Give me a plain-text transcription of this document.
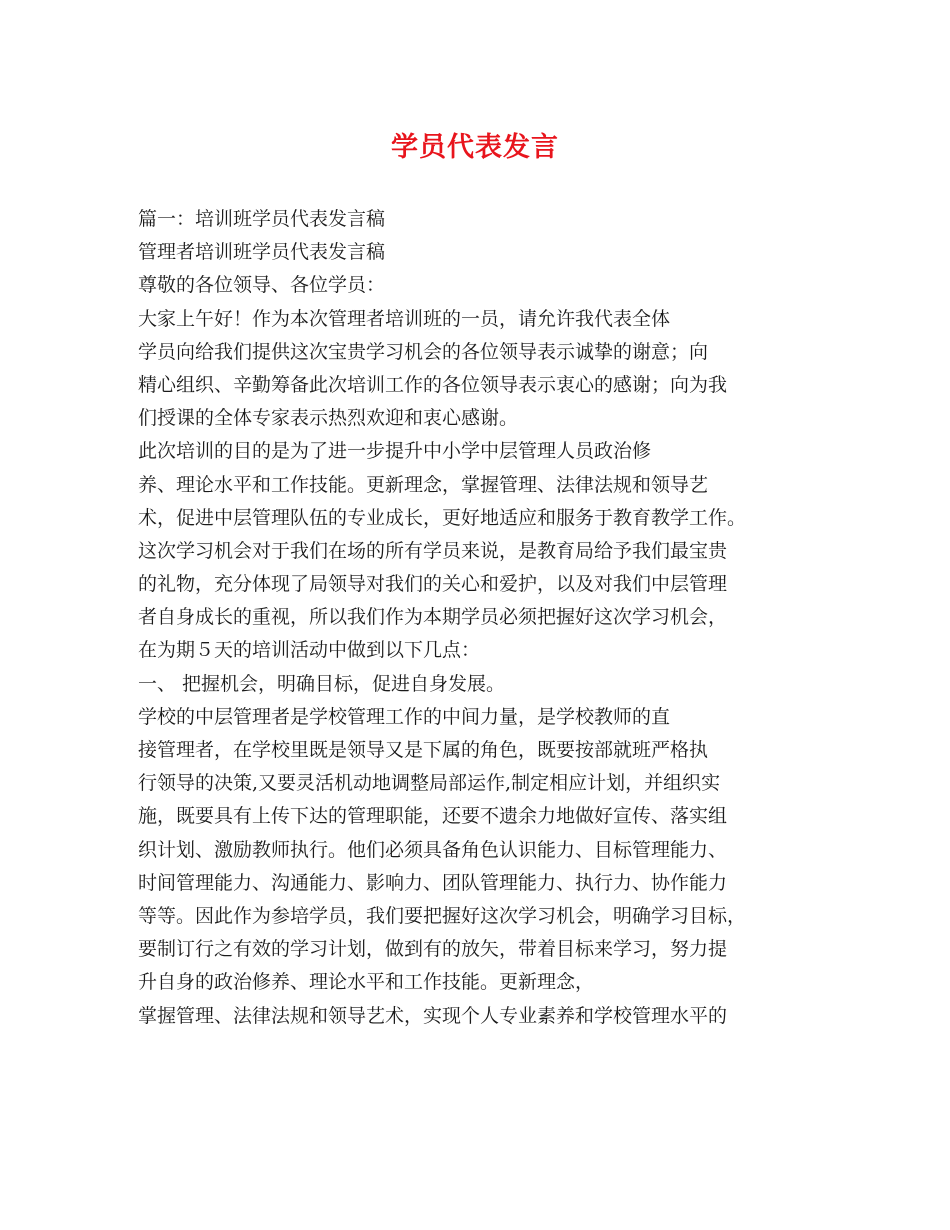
学员代表发言
篇一：培训班学员代表发言稿
管理者培训班学员代表发言稿
尊敬的各位领导、各位学员：
大家上午好！作为本次管理者培训班的一员，请允许我代表全体
学员向给我们提供这次宝贵学习机会的各位领导表示诚挚的谢意；向
精心组织、辛勤筹备此次培训工作的各位领导表示衷心的感谢；向为我
们授课的全体专家表示热烈欢迎和衷心感谢。
此次培训的目的是为了进一步提升中小学中层管理人员政治修
养、理论水平和工作技能。更新理念，掌握管理、法律法规和领导艺
术，促进中层管理队伍的专业成长，更好地适应和服务于教育教学工作。
这次学习机会对于我们在场的所有学员来说，是教育局给予我们最宝贵
的礼物，充分体现了局领导对我们的关心和爱护，以及对我们中层管理
者自身成长的重视，所以我们作为本期学员必须把握好这次学习机会，
在为期５天的培训活动中做到以下几点：
一、 把握机会，明确目标，促进自身发展。
学校的中层管理者是学校管理工作的中间力量，是学校教师的直
接管理者，在学校里既是领导又是下属的角色，既要按部就班严格执
行领导的决策,又要灵活机动地调整局部运作,制定相应计划，并组织实
施，既要具有上传下达的管理职能，还要不遗余力地做好宣传、落实组
织计划、激励教师执行。他们必须具备角色认识能力、目标管理能力、
时间管理能力、沟通能力、影响力、团队管理能力、执行力、协作能力
等等。因此作为参培学员，我们要把握好这次学习机会，明确学习目标，
要制订行之有效的学习计划，做到有的放矢，带着目标来学习，努力提
升自身的政治修养、理论水平和工作技能。更新理念，
掌握管理、法律法规和领导艺术，实现个人专业素养和学校管理水平的
